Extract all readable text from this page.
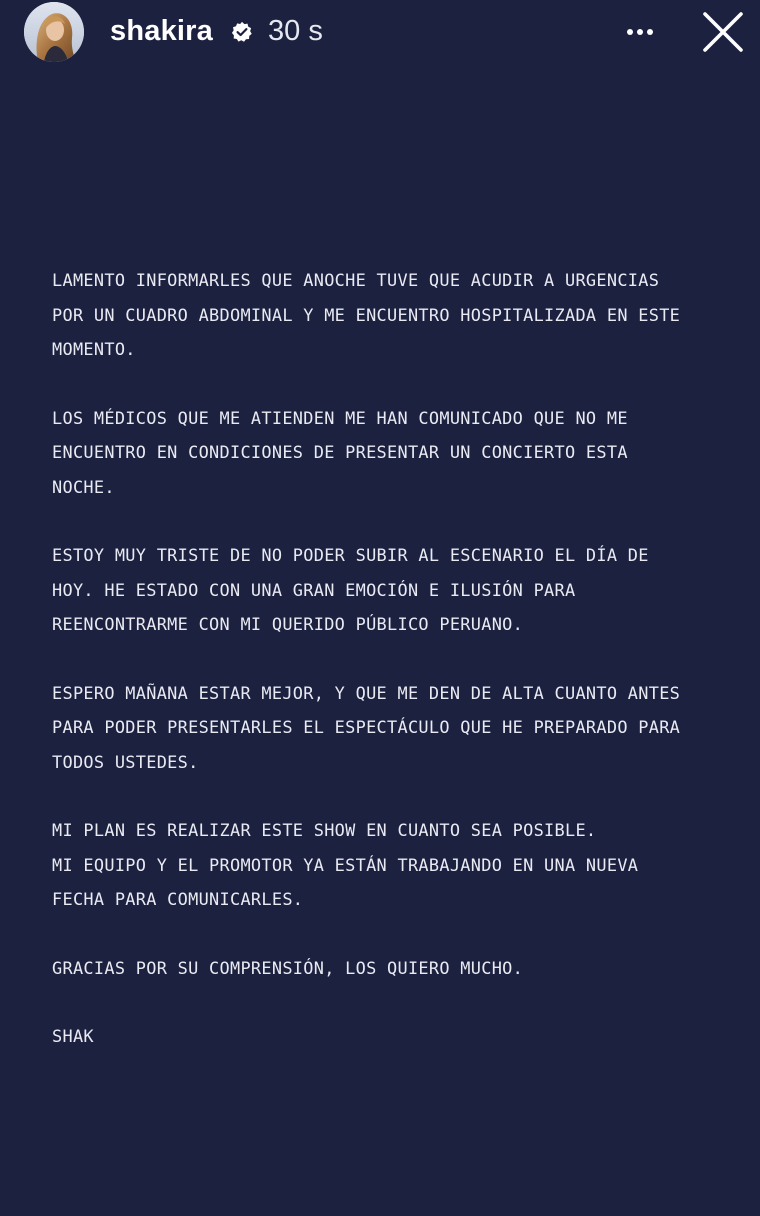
shakira 30 s
LAMENTO INFORMARLES QUE ANOCHE TUVE QUE ACUDIR A URGENCIAS
POR UN CUADRO ABDOMINAL Y ME ENCUENTRO HOSPITALIZADA EN ESTE
MOMENTO.
LOS MÉDICOS QUE ME ATIENDEN ME HAN COMUNICADO QUE NO ME
ENCUENTRO EN CONDICIONES DE PRESENTAR UN CONCIERTO ESTA
NOCHE.
ESTOY MUY TRISTE DE NO PODER SUBIR AL ESCENARIO EL DÍA DE
HOY. HE ESTADO CON UNA GRAN EMOCIÓN E ILUSIÓN PARA
REENCONTRARME CON MI QUERIDO PÚBLICO PERUANO.
ESPERO MAÑANA ESTAR MEJOR, Y QUE ME DEN DE ALTA CUANTO ANTES
PARA PODER PRESENTARLES EL ESPECTÁCULO QUE HE PREPARADO PARA
TODOS USTEDES.
MI PLAN ES REALIZAR ESTE SHOW EN CUANTO SEA POSIBLE.
MI EQUIPO Y EL PROMOTOR YA ESTÁN TRABAJANDO EN UNA NUEVA
FECHA PARA COMUNICARLES.
GRACIAS POR SU COMPRENSIÓN, LOS QUIERO MUCHO.
SHAK
